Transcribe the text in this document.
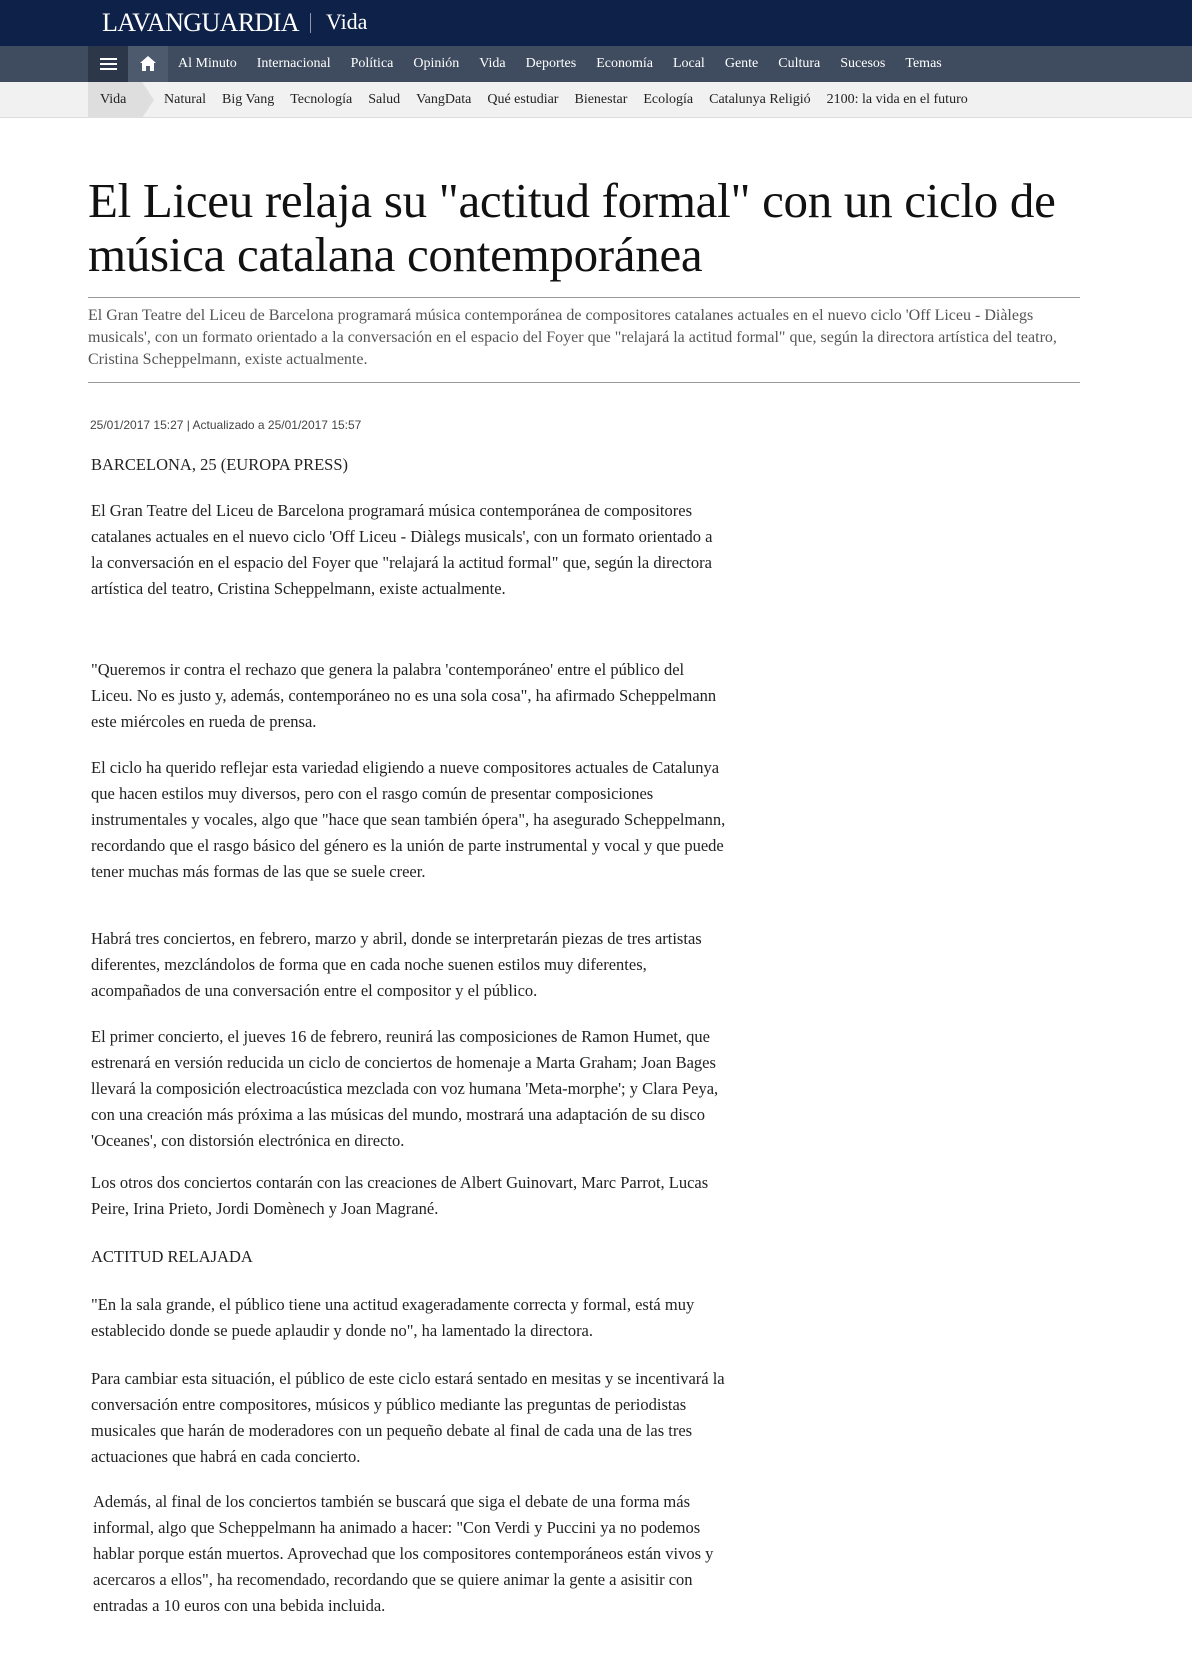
LAVANGUARDIA Vida
Al Minuto	Internacional	Política	Opinión	Vida	Deportes	Economía	Local	Gente	Cultura	Sucesos	Temas
Vida	Natural	Big Vang	Tecnología	Salud	VangData	Qué estudiar	Bienestar	Ecología	Catalunya Religió	2100: la vida en el futuro
El Liceu relaja su "actitud formal" con un ciclo de música catalana contemporánea

El Gran Teatre del Liceu de Barcelona programará música contemporánea de compositores catalanes actuales en el nuevo ciclo 'Off Liceu - Diàlegs musicals', con un formato orientado a la conversación en el espacio del Foyer que "relajará la actitud formal" que, según la directora artística del teatro, Cristina Scheppelmann, existe actualmente.

25/01/2017 15:27 | Actualizado a 25/01/2017 15:57

BARCELONA, 25 (EUROPA PRESS)

El Gran Teatre del Liceu de Barcelona programará música contemporánea de compositores catalanes actuales en el nuevo ciclo 'Off Liceu - Diàlegs musicals', con un formato orientado a la conversación en el espacio del Foyer que "relajará la actitud formal" que, según la directora artística del teatro, Cristina Scheppelmann, existe actualmente.

"Queremos ir contra el rechazo que genera la palabra 'contemporáneo' entre el público del Liceu. No es justo y, además, contemporáneo no es una sola cosa", ha afirmado Scheppelmann este miércoles en rueda de prensa.

El ciclo ha querido reflejar esta variedad eligiendo a nueve compositores actuales de Catalunya que hacen estilos muy diversos, pero con el rasgo común de presentar composiciones instrumentales y vocales, algo que "hace que sean también ópera", ha asegurado Scheppelmann, recordando que el rasgo básico del género es la unión de parte instrumental y vocal y que puede tener muchas más formas de las que se suele creer.

Habrá tres conciertos, en febrero, marzo y abril, donde se interpretarán piezas de tres artistas diferentes, mezclándolos de forma que en cada noche suenen estilos muy diferentes, acompañados de una conversación entre el compositor y el público.

El primer concierto, el jueves 16 de febrero, reunirá las composiciones de Ramon Humet, que estrenará en versión reducida un ciclo de conciertos de homenaje a Marta Graham; Joan Bages llevará la composición electroacústica mezclada con voz humana 'Meta-morphe'; y Clara Peya, con una creación más próxima a las músicas del mundo, mostrará una adaptación de su disco 'Oceanes', con distorsión electrónica en directo.

Los otros dos conciertos contarán con las creaciones de Albert Guinovart, Marc Parrot, Lucas Peire, Irina Prieto, Jordi Domènech y Joan Magrané.

ACTITUD RELAJADA

"En la sala grande, el público tiene una actitud exageradamente correcta y formal, está muy establecido donde se puede aplaudir y donde no", ha lamentado la directora.

Para cambiar esta situación, el público de este ciclo estará sentado en mesitas y se incentivará la conversación entre compositores, músicos y público mediante las preguntas de periodistas musicales que harán de moderadores con un pequeño debate al final de cada una de las tres actuaciones que habrá en cada concierto.

Además, al final de los conciertos también se buscará que siga el debate de una forma más informal, algo que Scheppelmann ha animado a hacer: "Con Verdi y Puccini ya no podemos hablar porque están muertos. Aprovechad que los compositores contemporáneos están vivos y acercaros a ellos", ha recomendado, recordando que se quiere animar la gente a asisitir con entradas a 10 euros con una bebida incluida.
